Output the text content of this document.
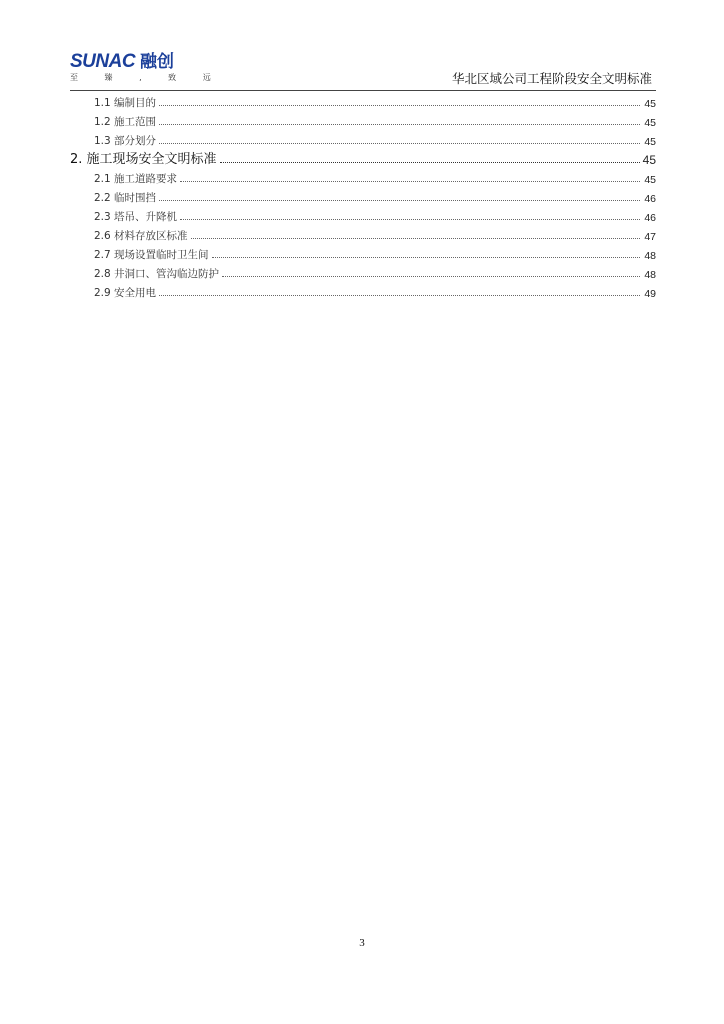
SUNAC 融创
至 臻 , 致 远	华北区域公司工程阶段安全文明标准
1.1 编制目的	45
1.2 施工范围	45
1.3 部分划分	45
2. 施工现场安全文明标准	45
2.1 施工道路要求	45
2.2 临时围挡	46
2.3 塔吊、升降机	46
2.6 材料存放区标准	47
2.7 现场设置临时卫生间	48
2.8 井洞口、管沟临边防护	48
2.9 安全用电	49
3
